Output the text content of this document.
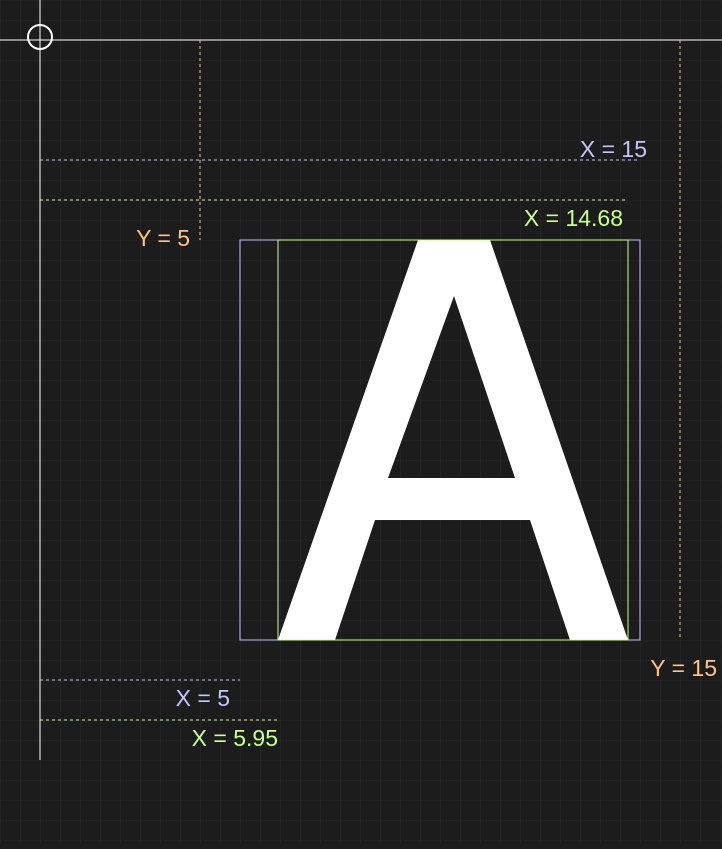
X = 15
X = 14.68
Y = 5
Y = 15
X = 5
X = 5.95
